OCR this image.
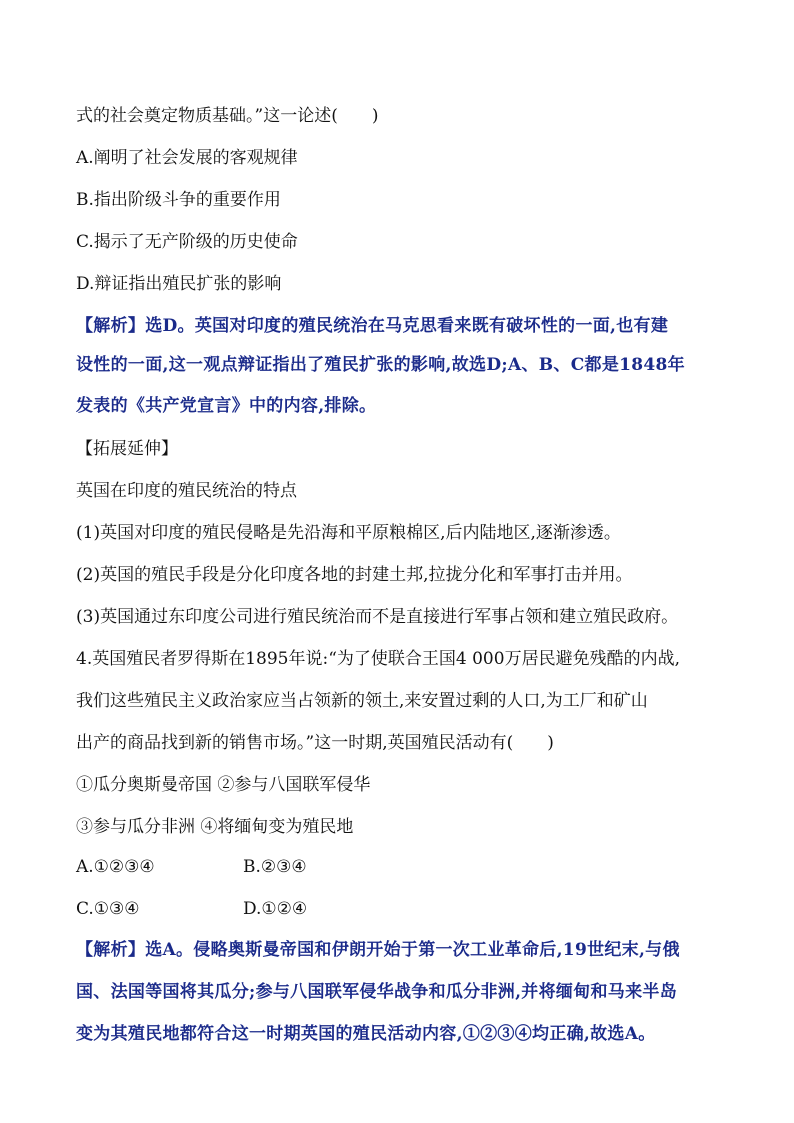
式的社会奠定物质基础。”这一论述(　　)
A.阐明了社会发展的客观规律
B.指出阶级斗争的重要作用
C.揭示了无产阶级的历史使命
D.辩证指出殖民扩张的影响
【解析】选D。英国对印度的殖民统治在马克思看来既有破坏性的一面,也有建
设性的一面,这一观点辩证指出了殖民扩张的影响,故选D;A、B、C都是1848年
发表的《共产党宣言》中的内容,排除。
【拓展延伸】
英国在印度的殖民统治的特点
(1)英国对印度的殖民侵略是先沿海和平原粮棉区,后内陆地区,逐渐渗透。
(2)英国的殖民手段是分化印度各地的封建土邦,拉拢分化和军事打击并用。
(3)英国通过东印度公司进行殖民统治而不是直接进行军事占领和建立殖民政府。
4.英国殖民者罗得斯在1895年说:“为了使联合王国4 000万居民避免残酷的内战,
我们这些殖民主义政治家应当占领新的领土,来安置过剩的人口,为工厂和矿山
出产的商品找到新的销售市场。”这一时期,英国殖民活动有(　　)
①瓜分奥斯曼帝国 ②参与八国联军侵华
③参与瓜分非洲 ④将缅甸变为殖民地
A.①②③④	B.②③④
C.①③④	D.①②④
【解析】选A。侵略奥斯曼帝国和伊朗开始于第一次工业革命后,19世纪末,与俄
国、法国等国将其瓜分;参与八国联军侵华战争和瓜分非洲,并将缅甸和马来半岛
变为其殖民地都符合这一时期英国的殖民活动内容,①②③④均正确,故选A。
